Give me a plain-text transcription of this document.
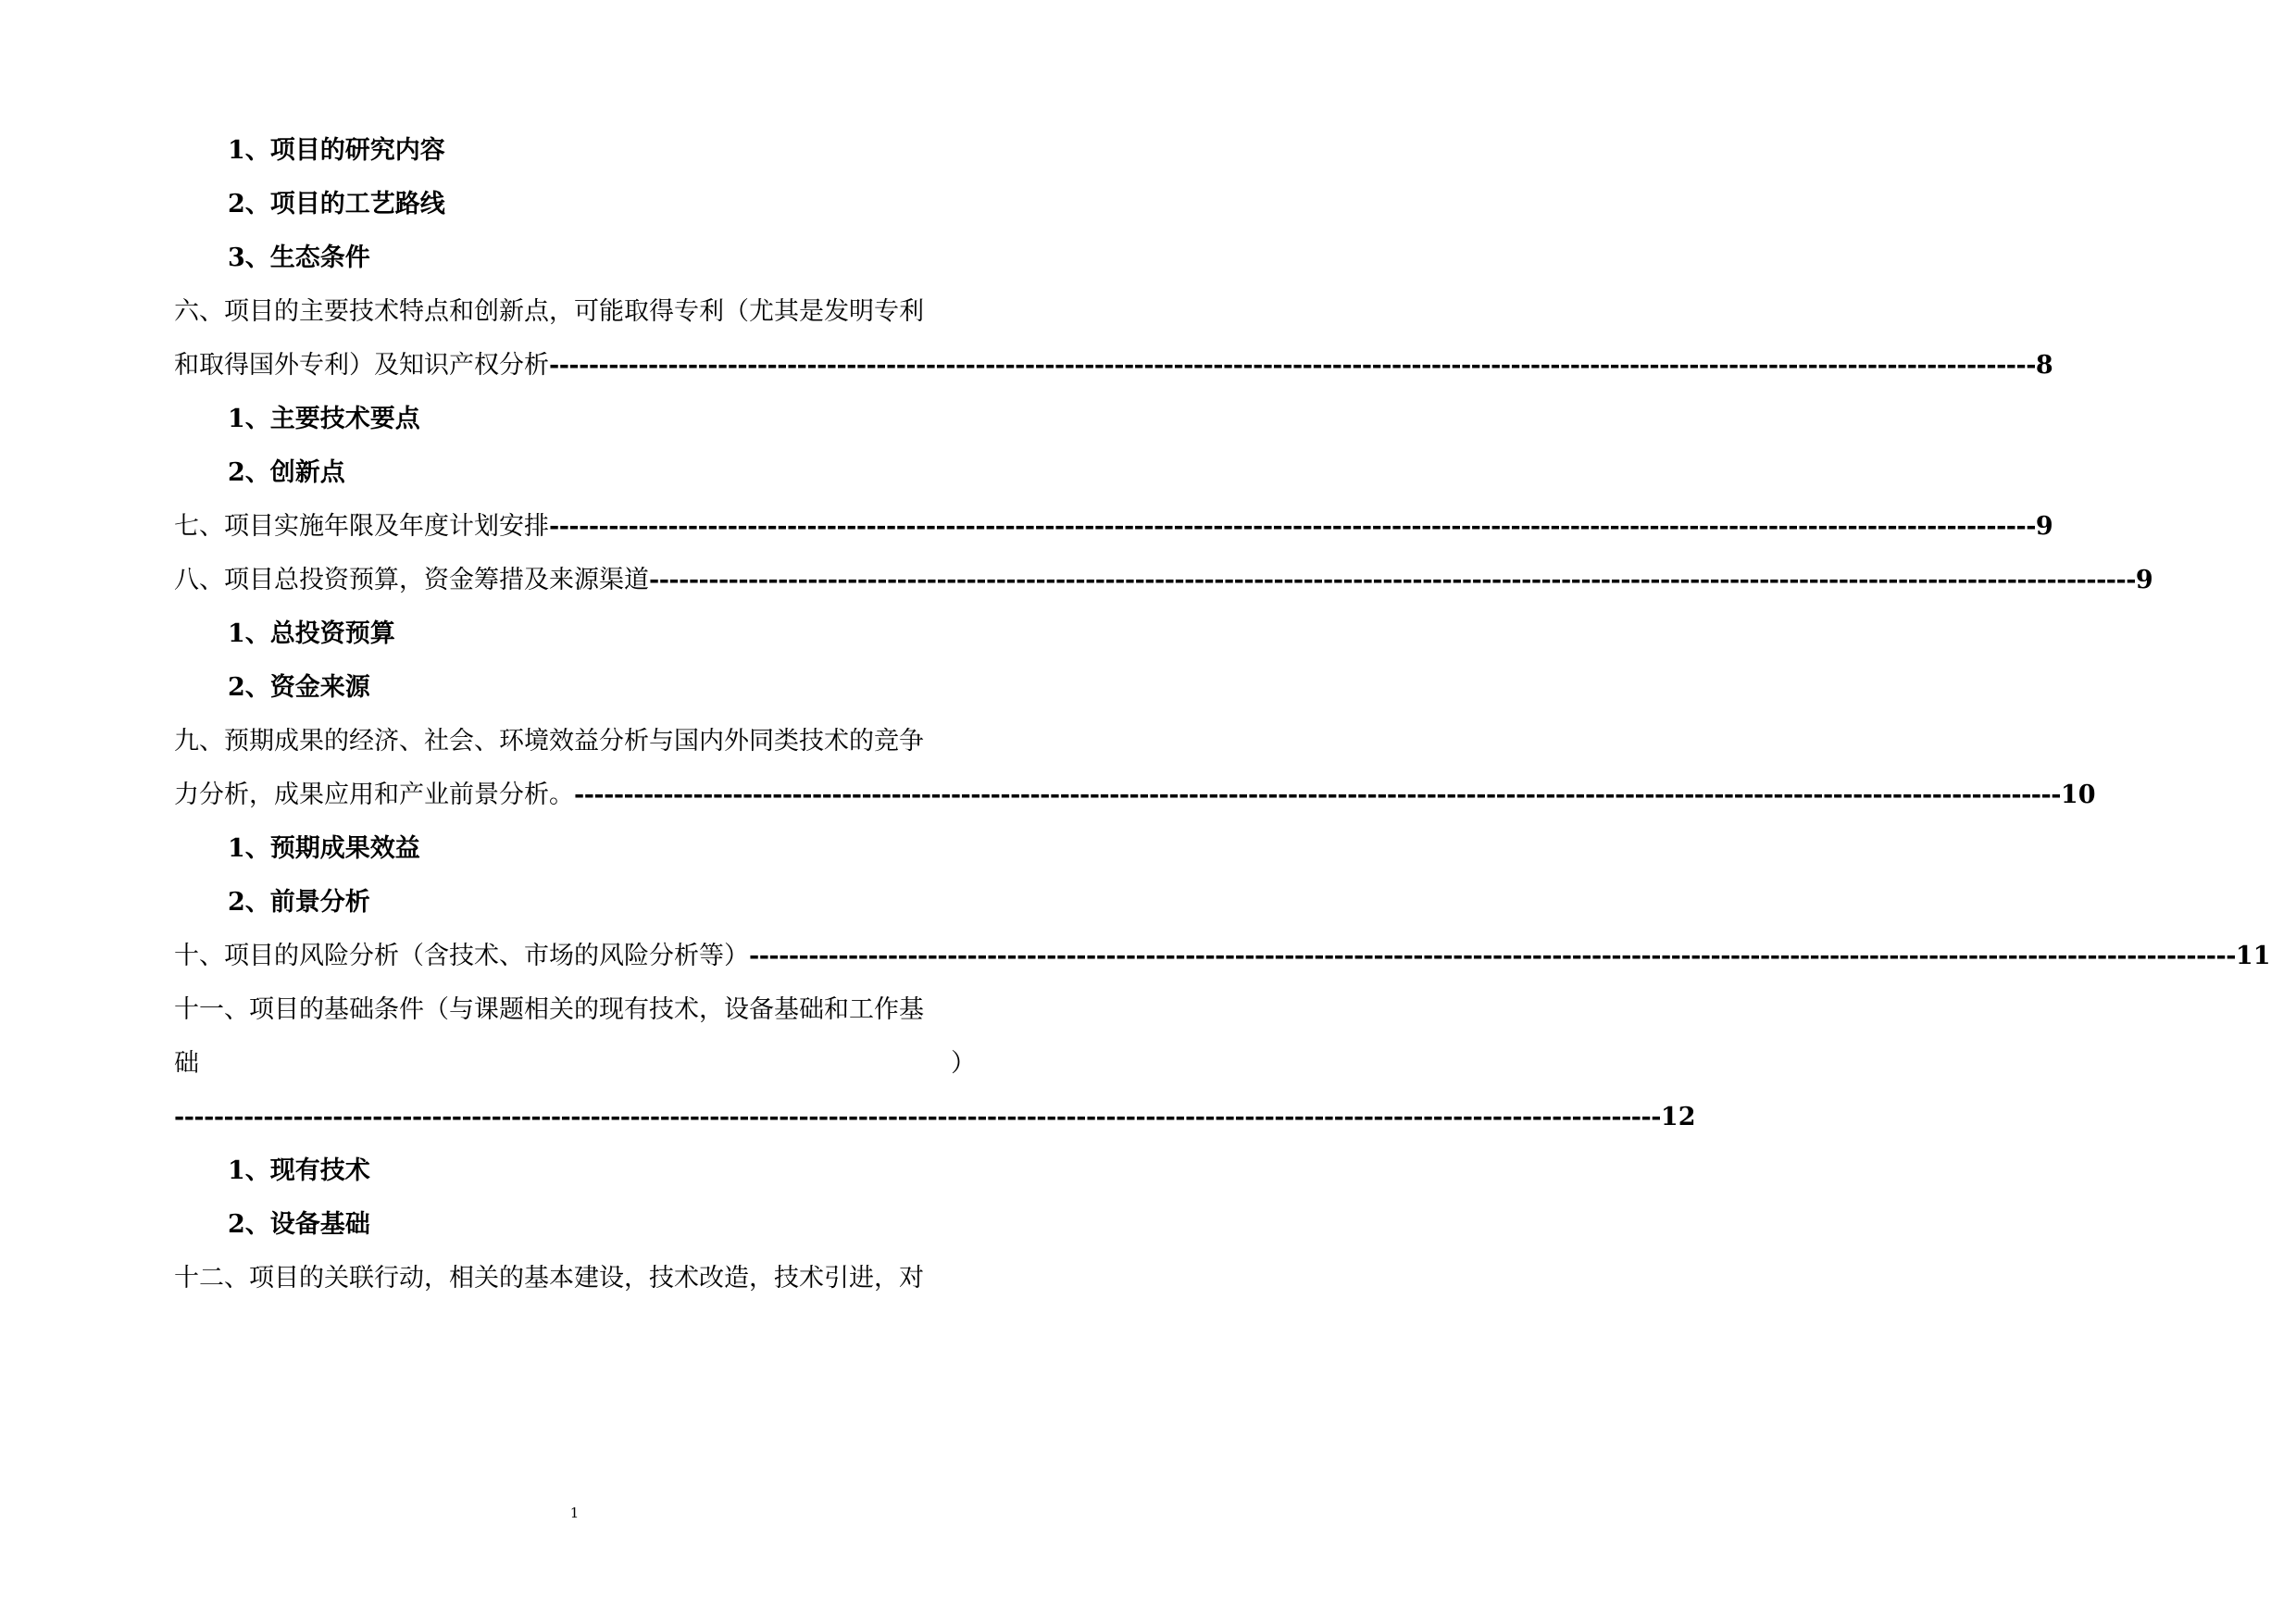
1、项目的研究内容
2、项目的工艺路线
3、生态条件
六、项目的主要技术特点和创新点，可能取得专利（尤其是发明专利
和取得国外专利）及知识产权分析 ------------------------------------------------------------------------------------------------------------------------------------------------------ 8
1、主要技术要点
2、创新点
七、项目实施年限及年度计划安排 ------------------------------------------------------------------------------------------------------------------------------------------------------ 9
八、项目总投资预算，资金筹措及来源渠道 ------------------------------------------------------------------------------------------------------------------------------------------------------ 9
1、总投资预算
2、资金来源
九、预期成果的经济、社会、环境效益分析与国内外同类技术的竞争
力分析，成果应用和产业前景分析。 ------------------------------------------------------------------------------------------------------------------------------------------------------ 10
1、预期成果效益
2、前景分析
十、项目的风险分析（含技术、市场的风险分析等） ------------------------------------------------------------------------------------------------------------------------------------------------------ 11
十一、项目的基础条件（与课题相关的现有技术，设备基础和工作基
础	）
------------------------------------------------------------------------------------------------------------------------------------------------------ 12
1、现有技术
2、设备基础
十二、项目的关联行动，相关的基本建设，技术改造，技术引进，对
1
